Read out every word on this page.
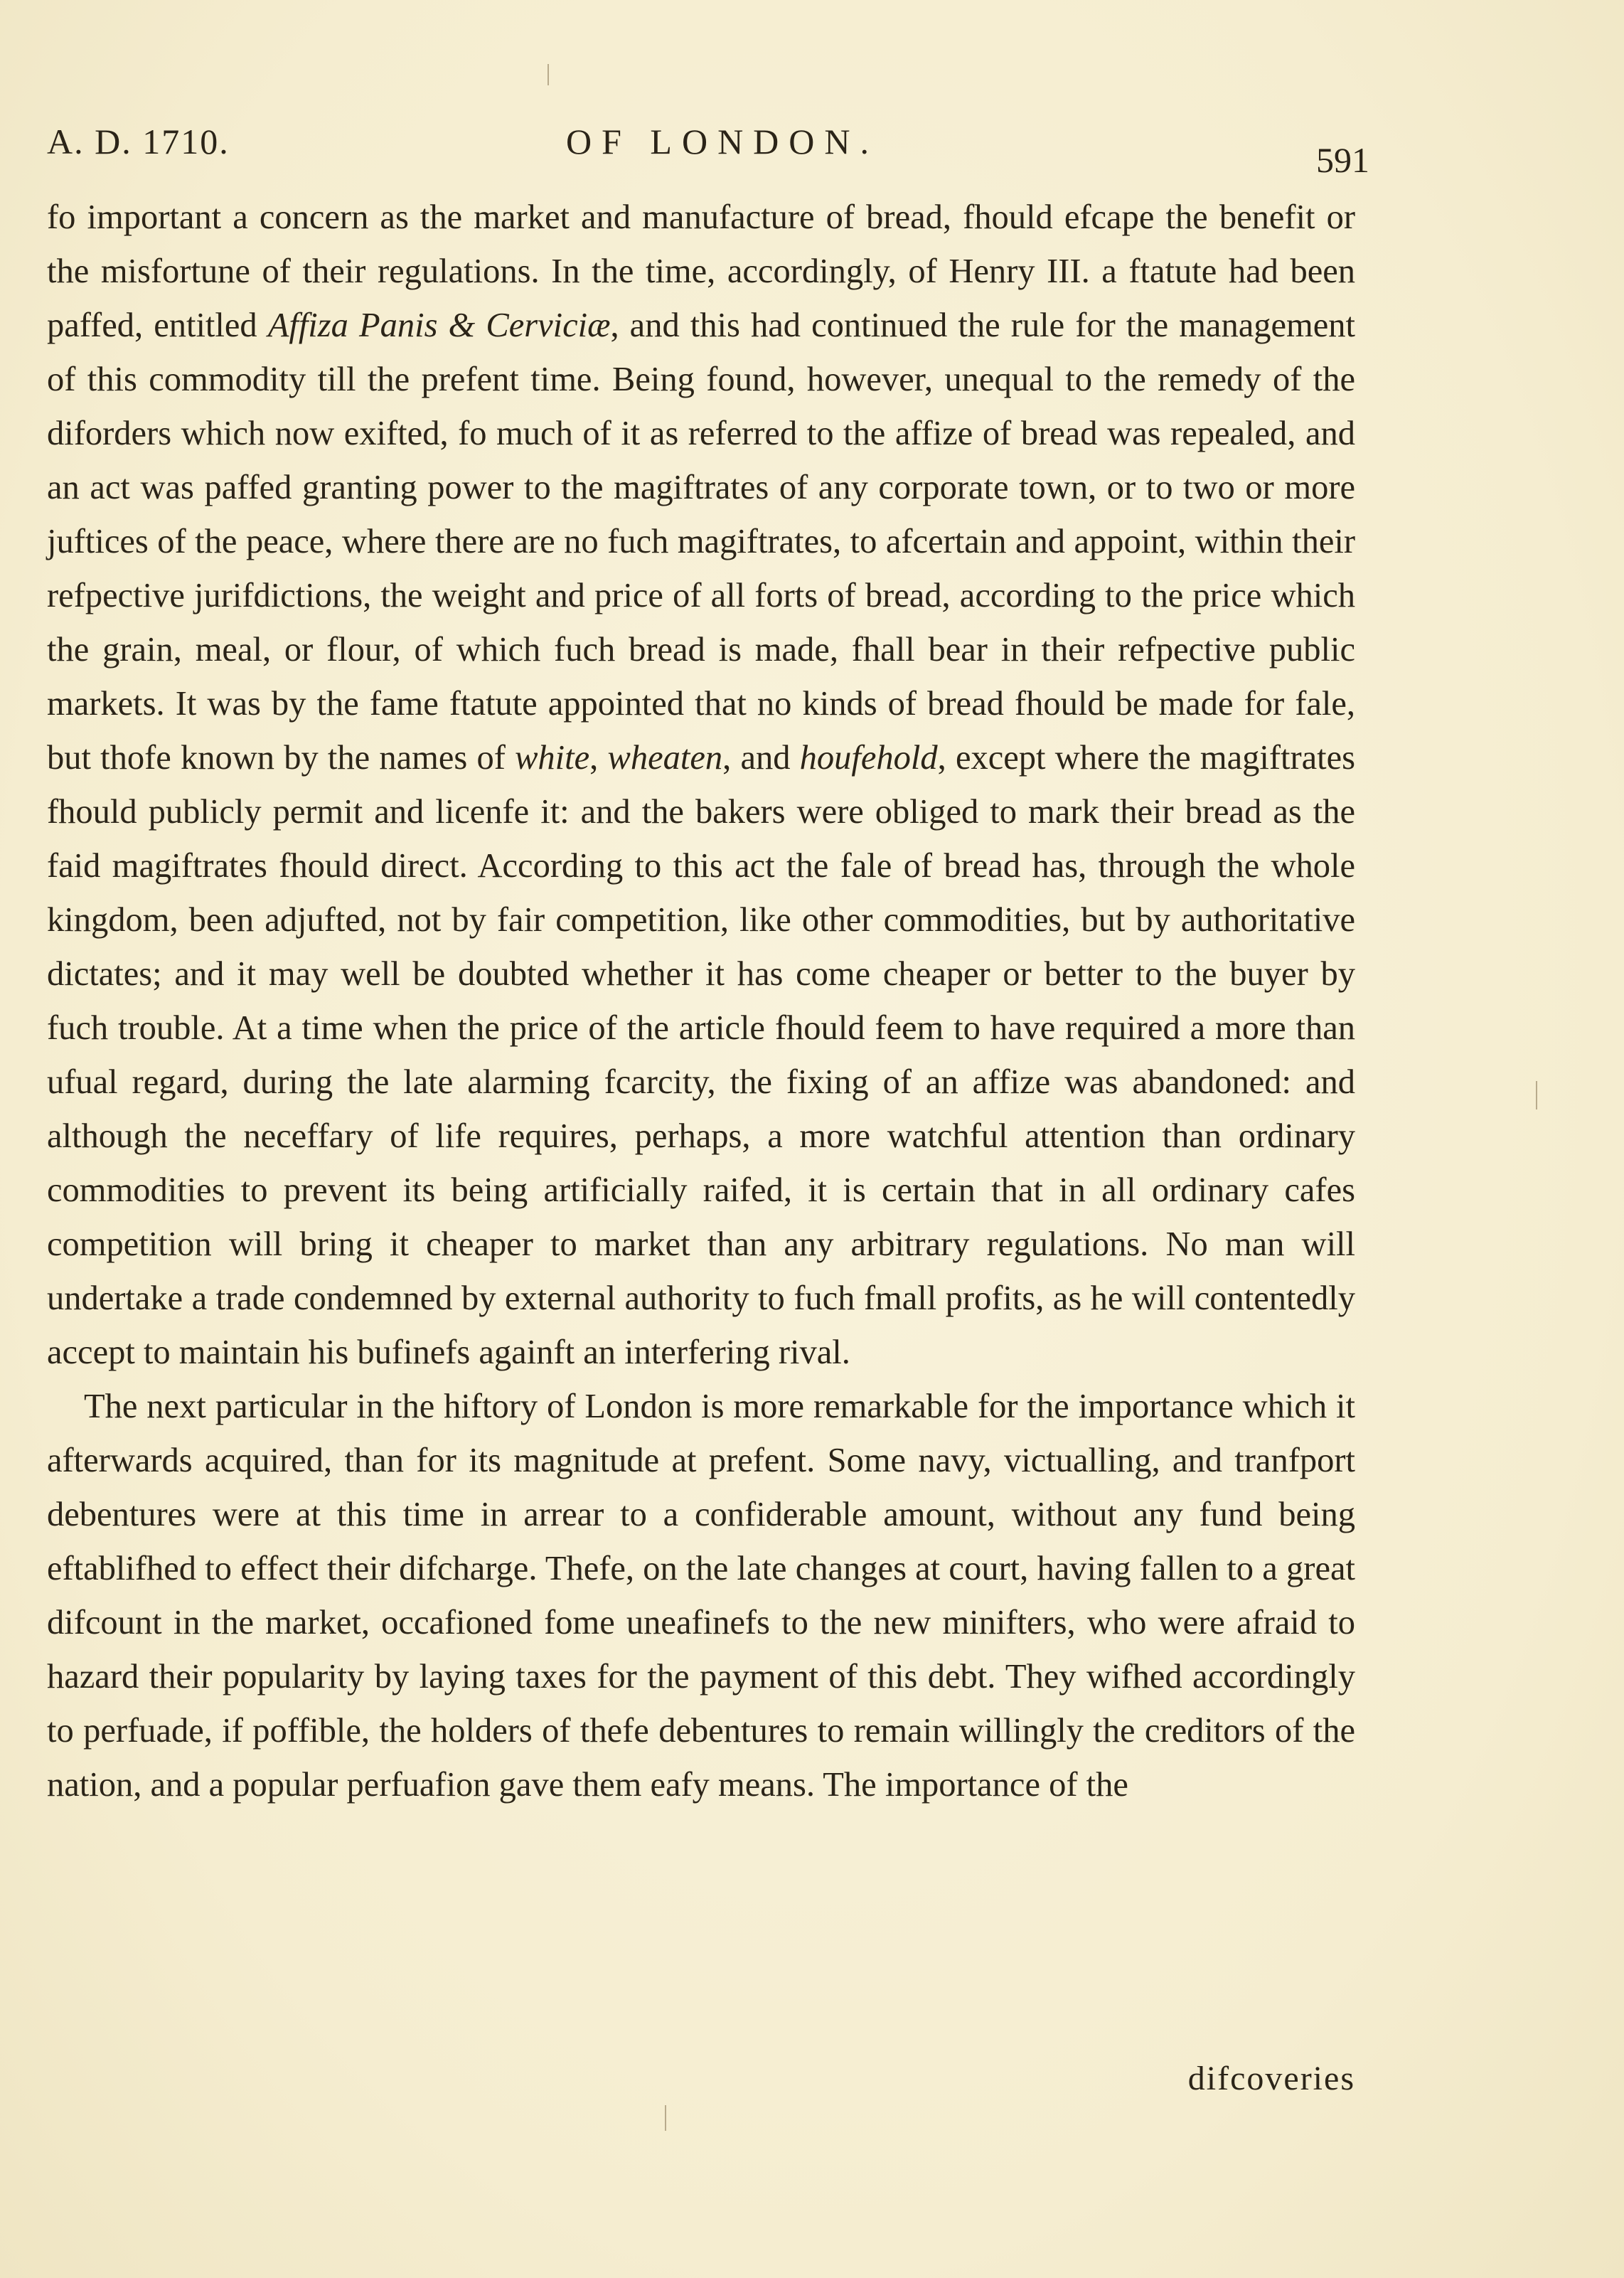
A. D. 1710.	OF LONDON.	591

fo important a concern as the market and manufacture of bread, fhould efcape the benefit or the misfortune of their regulations. In the time, accordingly, of Henry III. a ftatute had been paffed, entitled Affiza Panis & Cerviciæ, and this had continued the rule for the management of this commodity till the prefent time. Being found, however, unequal to the remedy of the diforders which now exifted, fo much of it as referred to the affize of bread was repealed, and an act was paffed granting power to the magiftrates of any corporate town, or to two or more juftices of the peace, where there are no fuch magiftrates, to afcertain and appoint, within their refpective jurifdictions, the weight and price of all forts of bread, according to the price which the grain, meal, or flour, of which fuch bread is made, fhall bear in their refpective public markets. It was by the fame ftatute appointed that no kinds of bread fhould be made for fale, but thofe known by the names of white, wheaten, and houfehold, except where the magiftrates fhould publicly permit and licenfe it: and the bakers were obliged to mark their bread as the faid magiftrates fhould direct. According to this act the fale of bread has, through the whole kingdom, been adjufted, not by fair competition, like other commodities, but by authoritative dictates; and it may well be doubted whether it has come cheaper or better to the buyer by fuch trouble. At a time when the price of the article fhould feem to have required a more than ufual regard, during the late alarming fcarcity, the fixing of an affize was abandoned: and although the neceffary of life requires, perhaps, a more watchful attention than ordinary commodities to prevent its being artificially raifed, it is certain that in all ordinary cafes competition will bring it cheaper to market than any arbitrary regulations. No man will undertake a trade condemned by external authority to fuch fmall profits, as he will contentedly accept to maintain his bufinefs againft an interfering rival.

The next particular in the hiftory of London is more remarkable for the importance which it afterwards acquired, than for its magnitude at prefent. Some navy, victualling, and tranfport debentures were at this time in arrear to a confiderable amount, without any fund being eftablifhed to effect their difcharge. Thefe, on the late changes at court, having fallen to a great difcount in the market, occafioned fome uneafinefs to the new minifters, who were afraid to hazard their popularity by laying taxes for the payment of this debt. They wifhed accordingly to perfuade, if poffible, the holders of thefe debentures to remain willingly the creditors of the nation, and a popular perfuafion gave them eafy means. The importance of the

difcoveries
